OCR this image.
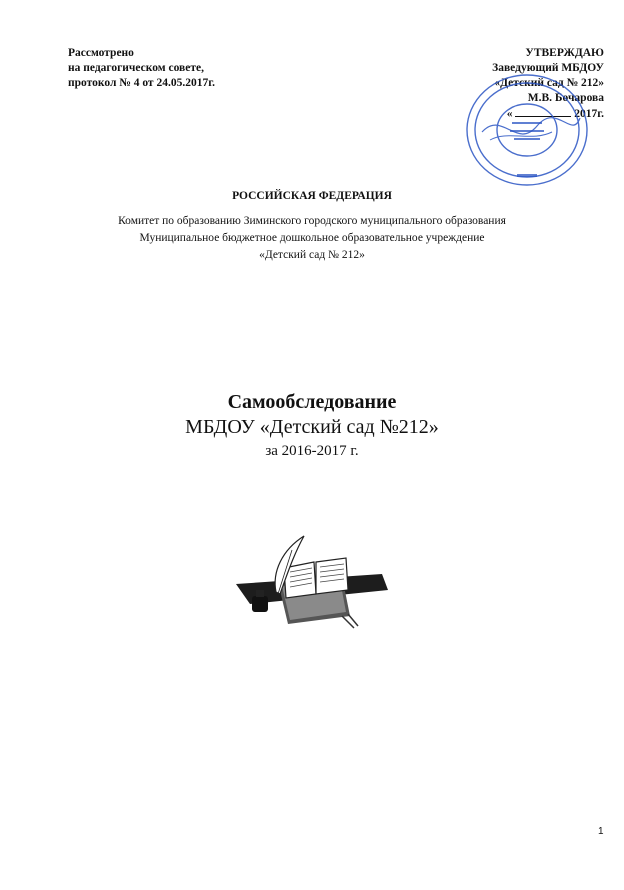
Рассмотрено
на педагогическом совете,
протокол № 4 от 24.05.2017г.
УТВЕРЖДАЮ
Заведующий МБДОУ
«Детский сад № 212»
М.В. Бочарова
«	2017г.
РОССИЙСКАЯ ФЕДЕРАЦИЯ
Комитет по образованию Зиминского городского муниципального образования
Муниципальное бюджетное дошкольное образовательное учреждение
«Детский сад № 212»
Самообследование
МБДОУ «Детский сад №212»
за 2016-2017 г.
1
